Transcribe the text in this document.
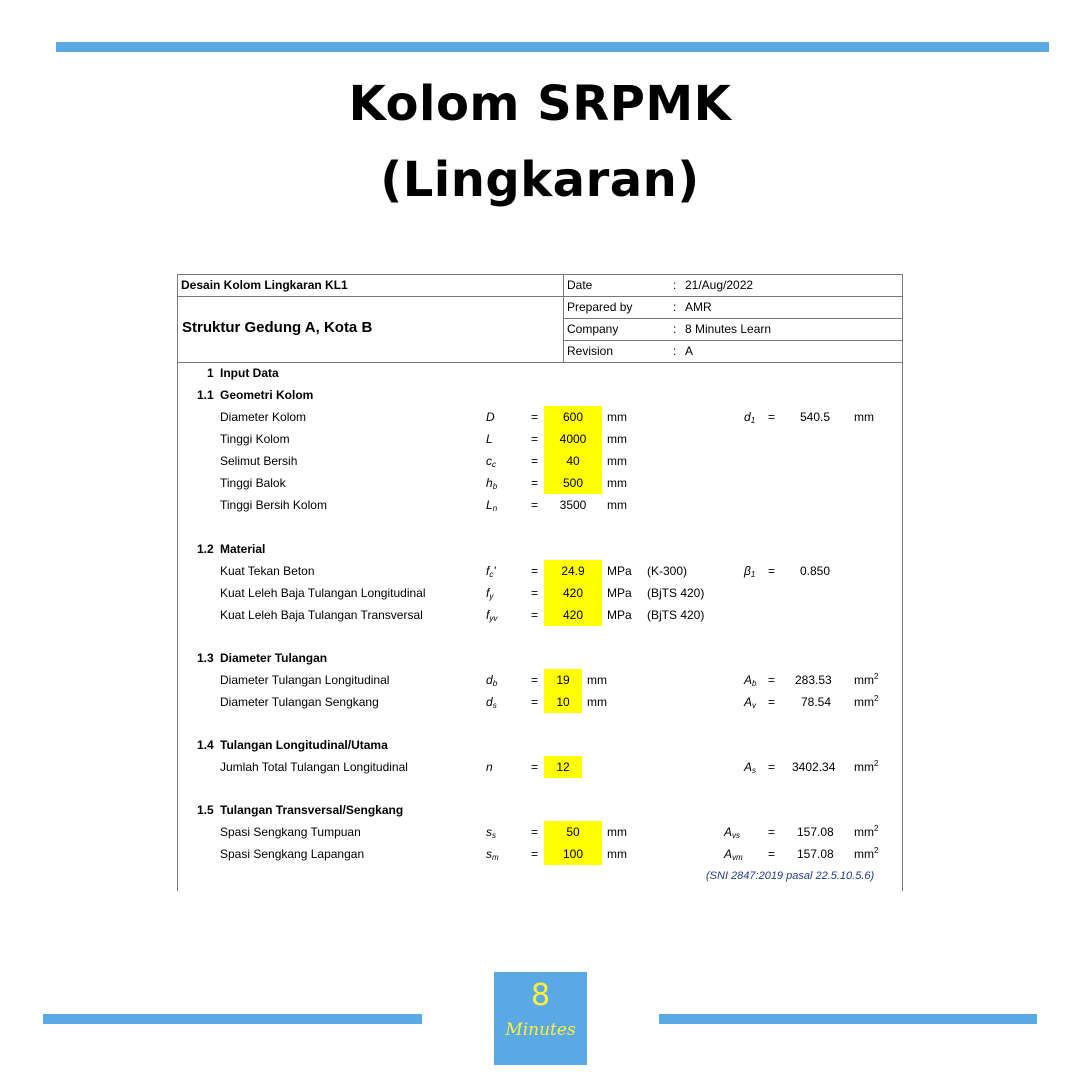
Kolom SRPMK
(Lingkaran)
Desain Kolom Lingkaran KL1
Struktur Gedung A, Kota B
Date	: 21/Aug/2022
Prepared by	: AMR
Company	: 8 Minutes Learn
Revision	: A
1 Input Data
1.1 Geometri Kolom
Diameter Kolom	D	=	600	mm	$d_1 = 540.5$ mm
Tinggi Kolom	L	=	4000	mm
Selimut Bersih	$c_c$	=	40	mm
Tinggi Balok	$h_b$	=	500	mm
Tinggi Bersih Kolom	$L_n$	=	3500	mm
1.2 Material
Kuat Tekan Beton	$f_c'$	=	24.9	MPa (K-300)	$\beta_1 = 0.850$
Kuat Leleh Baja Tulangan Longitudinal	$f_y$	=	420	MPa (BjTS 420)
Kuat Leleh Baja Tulangan Transversal	$f_{yv}$	=	420	MPa (BjTS 420)
1.3 Diameter Tulangan
Diameter Tulangan Longitudinal	$d_b$	=	19	mm	$A_b = 283.53$ $mm^2$
Diameter Tulangan Sengkang	$d_s$	=	10	mm	$A_v = 78.54$ $mm^2$
1.4 Tulangan Longitudinal/Utama
Jumlah Total Tulangan Longitudinal	n	=	12	$A_s = 3402.34$ $mm^2$
1.5 Tulangan Transversal/Sengkang
Spasi Sengkang Tumpuan	$s_s$	=	50	mm	$A_{vs} = 157.08$ $mm^2$
Spasi Sengkang Lapangan	$s_m$	=	100	mm	$A_{vm} = 157.08$ $mm^2$
(SNI 2847:2019 pasal 22.5.10.5.6)
8
Minutes
